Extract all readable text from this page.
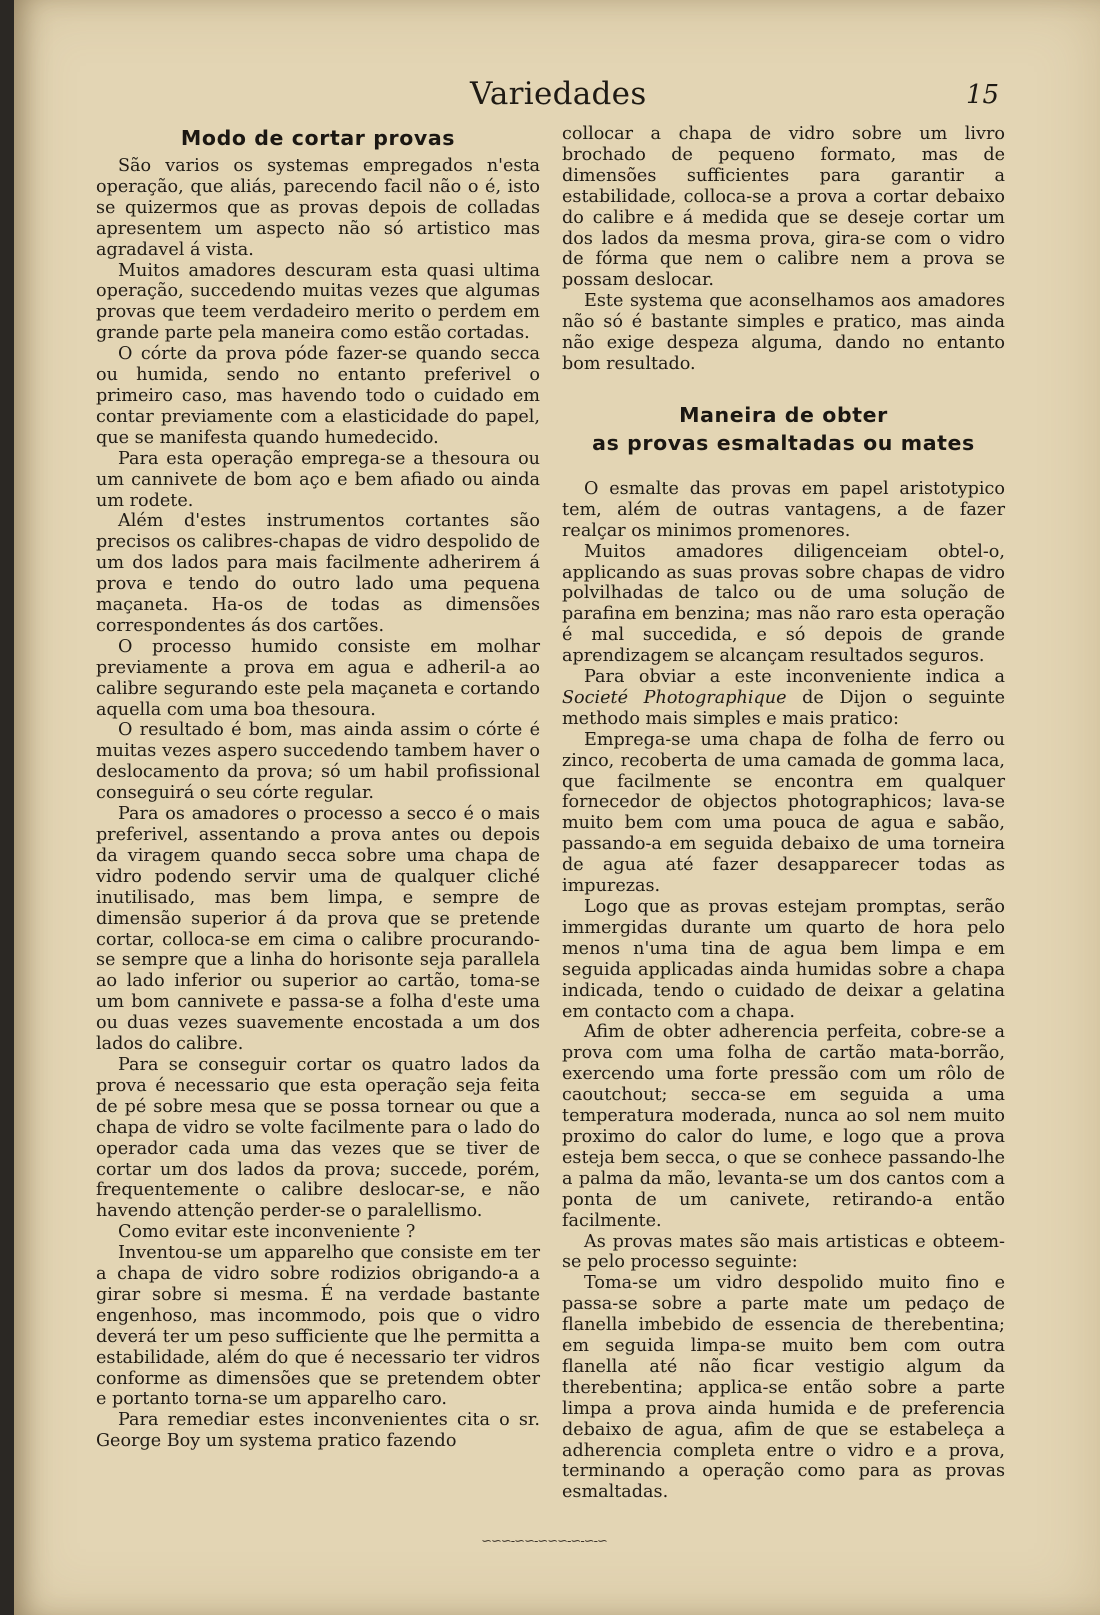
Variedades	15
Modo de cortar provas

São varios os systemas empregados n'esta operação, que aliás, parecendo facil não o é, isto se quizermos que as provas depois de colladas apresentem um aspecto não só artistico mas agradavel á vista.

Muitos amadores descuram esta quasi ultima operação, succedendo muitas vezes que algumas provas que teem verdadeiro merito o perdem em grande parte pela maneira como estão cortadas.

O córte da prova póde fazer-se quando secca ou humida, sendo no entanto preferivel o primeiro caso, mas havendo todo o cuidado em contar previamente com a elasticidade do papel, que se manifesta quando humedecido.

Para esta operação emprega-se a thesoura ou um cannivete de bom aço e bem afiado ou ainda um rodete.

Além d'estes instrumentos cortantes são precisos os calibres-chapas de vidro despolido de um dos lados para mais facilmente adherirem á prova e tendo do outro lado uma pequena maçaneta. Ha-os de todas as dimensões correspondentes ás dos cartões.

O processo humido consiste em molhar previamente a prova em agua e adheril-a ao calibre segurando este pela maçaneta e cortando aquella com uma boa thesoura.

O resultado é bom, mas ainda assim o córte é muitas vezes aspero succedendo tambem haver o deslocamento da prova; só um habil profissional conseguirá o seu córte regular.

Para os amadores o processo a secco é o mais preferivel, assentando a prova antes ou depois da viragem quando secca sobre uma chapa de vidro podendo servir uma de qualquer cliché inutilisado, mas bem limpa, e sempre de dimensão superior á da prova que se pretende cortar, colloca-se em cima o calibre procurando-se sempre que a linha do horisonte seja parallela ao lado inferior ou superior ao cartão, toma-se um bom cannivete e passa-se a folha d'este uma ou duas vezes suavemente encostada a um dos lados do calibre.

Para se conseguir cortar os quatro lados da prova é necessario que esta operação seja feita de pé sobre mesa que se possa tornear ou que a chapa de vidro se volte facilmente para o lado do operador cada uma das vezes que se tiver de cortar um dos lados da prova; succede, porém, frequentemente o calibre deslocar-se, e não havendo attenção perder-se o paralellismo.

Como evitar este inconveniente ?

Inventou-se um apparelho que consiste em ter a chapa de vidro sobre rodizios obrigando-a a girar sobre si mesma. É na verdade bastante engenhoso, mas incommodo, pois que o vidro deverá ter um peso sufficiente que lhe permitta a estabilidade, além do que é necessario ter vidros conforme as dimensões que se pretendem obter e portanto torna-se um apparelho caro.

Para remediar estes inconvenientes cita o sr. George Boy um systema pratico fazendo

collocar a chapa de vidro sobre um livro brochado de pequeno formato, mas de dimensões sufficientes para garantir a estabilidade, colloca-se a prova a cortar debaixo do calibre e á medida que se deseje cortar um dos lados da mesma prova, gira-se com o vidro de fórma que nem o calibre nem a prova se possam deslocar.

Este systema que aconselhamos aos amadores não só é bastante simples e pratico, mas ainda não exige despeza alguma, dando no entanto bom resultado.

Maneira de obter
as provas esmaltadas ou mates

O esmalte das provas em papel aristotypico tem, além de outras vantagens, a de fazer realçar os minimos promenores.

Muitos amadores diligenceiam obtel-o, applicando as suas provas sobre chapas de vidro polvilhadas de talco ou de uma solução de parafina em benzina; mas não raro esta operação é mal succedida, e só depois de grande aprendizagem se alcançam resultados seguros.

Para obviar a este inconveniente indica a Societé Photographique de Dijon o seguinte methodo mais simples e mais pratico:

Emprega-se uma chapa de folha de ferro ou zinco, recoberta de uma camada de gomma laca, que facilmente se encontra em qualquer fornecedor de objectos photographicos; lava-se muito bem com uma pouca de agua e sabão, passando-a em seguida debaixo de uma torneira de agua até fazer desapparecer todas as impurezas.

Logo que as provas estejam promptas, serão immergidas durante um quarto de hora pelo menos n'uma tina de agua bem limpa e em seguida applicadas ainda humidas sobre a chapa indicada, tendo o cuidado de deixar a gelatina em contacto com a chapa.

Afim de obter adherencia perfeita, cobre-se a prova com uma folha de cartão mata-borrão, exercendo uma forte pressão com um rôlo de caoutchout; secca-se em seguida a uma temperatura moderada, nunca ao sol nem muito proximo do calor do lume, e logo que a prova esteja bem secca, o que se conhece passando-lhe a palma da mão, levanta-se um dos cantos com a ponta de um canivete, retirando-a então facilmente.

As provas mates são mais artisticas e obteem-se pelo processo seguinte:

Toma-se um vidro despolido muito fino e passa-se sobre a parte mate um pedaço de flanella imbebido de essencia de therebentina; em seguida limpa-se muito bem com outra flanella até não ficar vestigio algum da therebentina; applica-se então sobre a parte limpa a prova ainda humida e de preferencia debaixo de agua, afim de que se estabeleça a adherencia completa entre o vidro e a prova, terminando a operação como para as provas esmaltadas.

∽∽∽-∽∽-∽∽∽-∽-∽-∽
